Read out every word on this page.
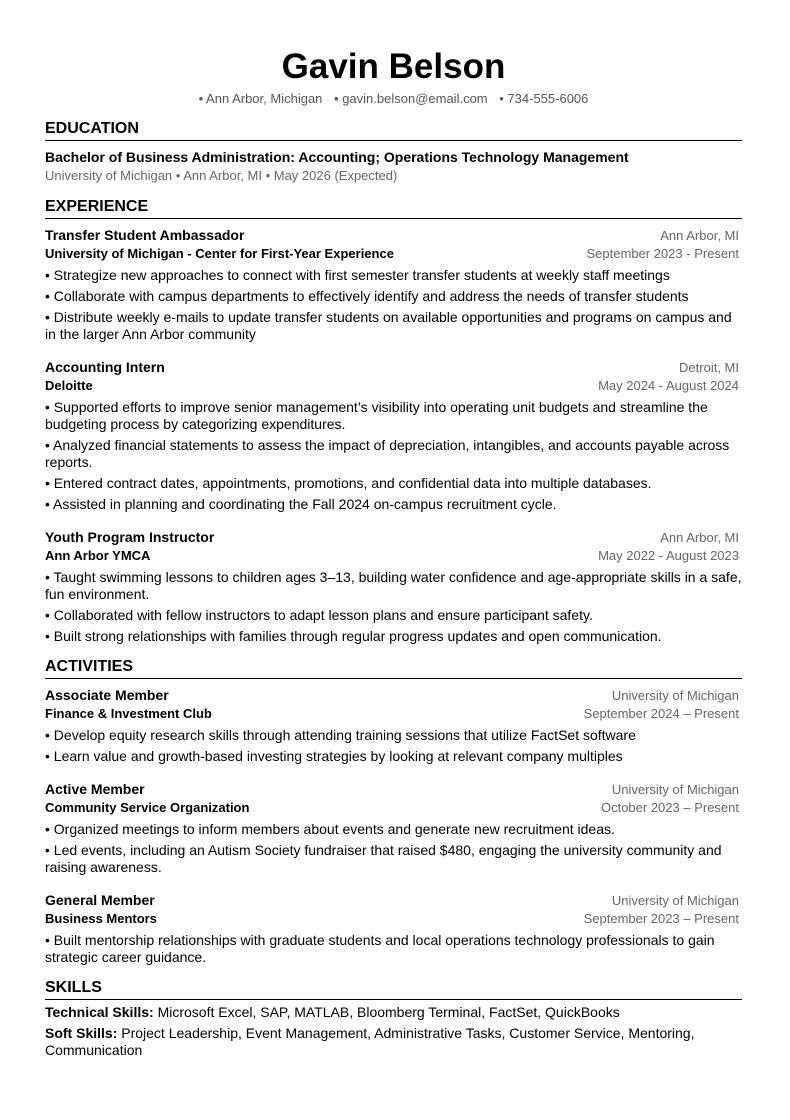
Gavin Belson
• Ann Arbor, Michigan • gavin.belson@email.com • 734-555-6006
EDUCATION
Bachelor of Business Administration: Accounting; Operations Technology Management
University of Michigan • Ann Arbor, MI • May 2026 (Expected)
EXPERIENCE
Transfer Student Ambassador	Ann Arbor, MI
University of Michigan - Center for First-Year Experience	September 2023 - Present
• Strategize new approaches to connect with first semester transfer students at weekly staff meetings
• Collaborate with campus departments to effectively identify and address the needs of transfer students
• Distribute weekly e-mails to update transfer students on available opportunities and programs on campus and in the larger Ann Arbor community
Accounting Intern	Detroit, MI
Deloitte	May 2024 - August 2024
• Supported efforts to improve senior management’s visibility into operating unit budgets and streamline the budgeting process by categorizing expenditures.
• Analyzed financial statements to assess the impact of depreciation, intangibles, and accounts payable across reports.
• Entered contract dates, appointments, promotions, and confidential data into multiple databases.
• Assisted in planning and coordinating the Fall 2024 on-campus recruitment cycle.
Youth Program Instructor	Ann Arbor, MI
Ann Arbor YMCA	May 2022 - August 2023
• Taught swimming lessons to children ages 3–13, building water confidence and age-appropriate skills in a safe, fun environment.
• Collaborated with fellow instructors to adapt lesson plans and ensure participant safety.
• Built strong relationships with families through regular progress updates and open communication.
ACTIVITIES
Associate Member	University of Michigan
Finance & Investment Club	September 2024 – Present
• Develop equity research skills through attending training sessions that utilize FactSet software
• Learn value and growth-based investing strategies by looking at relevant company multiples
Active Member	University of Michigan
Community Service Organization	October 2023 – Present
• Organized meetings to inform members about events and generate new recruitment ideas.
• Led events, including an Autism Society fundraiser that raised $480, engaging the university community and raising awareness.
General Member	University of Michigan
Business Mentors	September 2023 – Present
• Built mentorship relationships with graduate students and local operations technology professionals to gain strategic career guidance.
SKILLS
Technical Skills: Microsoft Excel, SAP, MATLAB, Bloomberg Terminal, FactSet, QuickBooks
Soft Skills: Project Leadership, Event Management, Administrative Tasks, Customer Service, Mentoring, Communication
